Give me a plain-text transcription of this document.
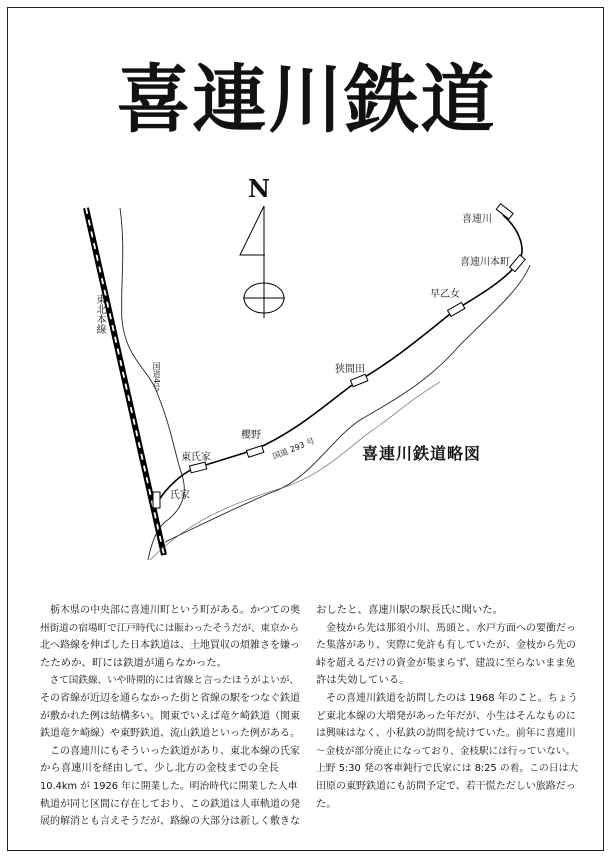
喜連川鉄道
N
喜連川
喜連川本町
早乙女
狭間田
櫻野
東氏家
氏家
東北本線
国道4号
国道 293 号	喜連川鉄道略図
　栃木県の中央部に喜連川町という町がある。かつての奥
州街道の宿場町で江戸時代には賑わったそうだが、東京から
北へ路線を伸ばした日本鉄道は、土地買収の煩雑さを嫌っ
たためか、町には鉄道が通らなかった。
　さて国鉄線、いや時期的には省線と言ったほうがよいが、
その省線が近辺を通らなかった街と省線の駅をつなぐ鉄道
が敷かれた例は結構多い。関東でいえば竜ケ崎鉄道（関東
鉄道竜ケ崎線）や東野鉄道、流山鉄道といった例がある。
　この喜連川にもそういった鉄道があり、東北本線の氏家
から喜連川を経由して、少し北方の金枝までの全長
10.4km が 1926 年に開業した。明治時代に開業した人車
軌道が同じ区間に存在しており、この鉄道は人車軌道の発
展的解消とも言えそうだが、路線の大部分は新しく敷きな
おしたと、喜連川駅の駅長氏に聞いた。
　金枝から先は那須小川、馬頭と、水戸方面への要衝だっ
た集落があり、実際に免許も有していたが、金枝から先の
峠を超えるだけの資金が集まらず、建設に至らないまま免
許は失効している。
　その喜連川鉄道を訪問したのは 1968 年のこと。ちょう
ど東北本線の大増発があった年だが、小生はそんなものに
は興味はなく、小私鉄の訪問を続けていた。前年に喜連川
～金枝が部分廃止になっており、金枝駅には行っていない。
上野 5:30 発の客車鈍行で氏家には 8:25 の着。この日は大
田原の東野鉄道にも訪問予定で、若干慌ただしい旅路だっ
た。
